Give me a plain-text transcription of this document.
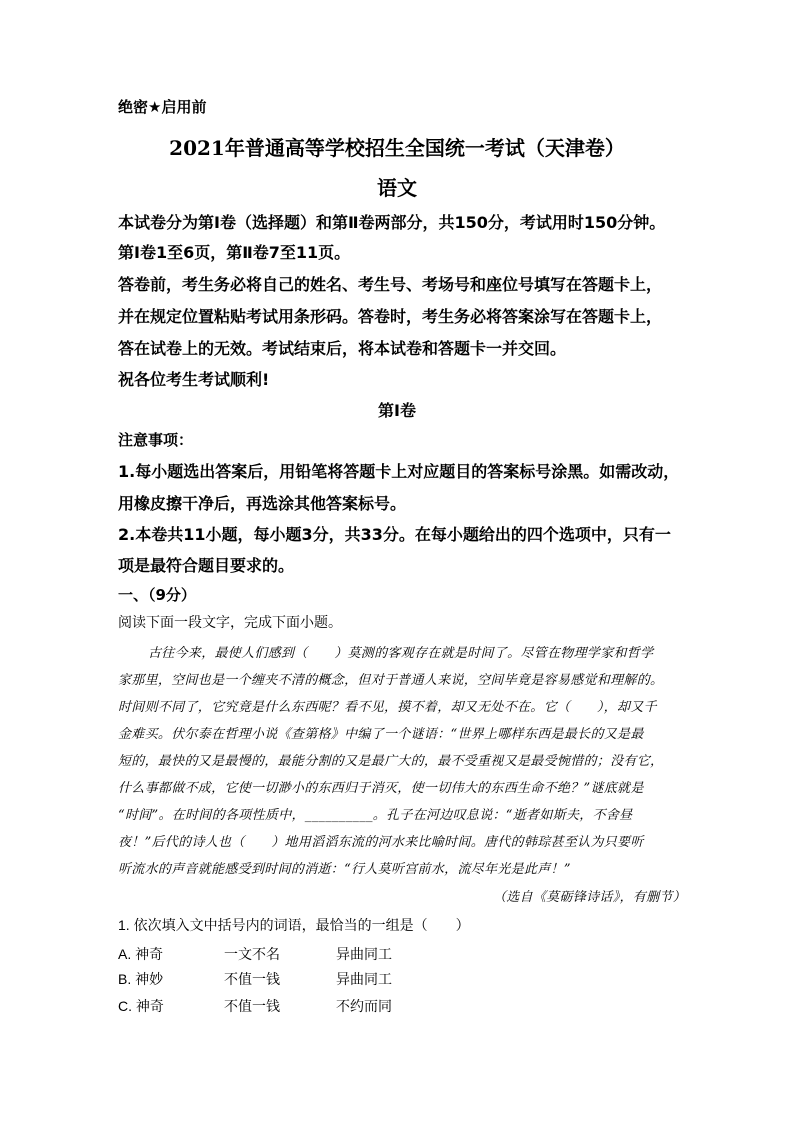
绝密★启用前
2021年普通高等学校招生全国统一考试（天津卷）
语文
本试卷分为第Ⅰ卷（选择题）和第Ⅱ卷两部分，共150分，考试用时150分钟。
第Ⅰ卷1至6页，第Ⅱ卷7至11页。
答卷前，考生务必将自己的姓名、考生号、考场号和座位号填写在答题卡上，
并在规定位置粘贴考试用条形码。答卷时，考生务必将答案涂写在答题卡上，
答在试卷上的无效。考试结束后，将本试卷和答题卡一并交回。
祝各位考生考试顺利!
第Ⅰ卷
注意事项：
1.每小题选出答案后，用铅笔将答题卡上对应题目的答案标号涂黑。如需改动，
用橡皮擦干净后，再选涂其他答案标号。
2.本卷共11小题，每小题3分，共33分。在每小题给出的四个选项中，只有一
项是最符合题目要求的。
一、（9分）
阅读下面一段文字，完成下面小题。
古往今来，最使人们感到（　　）莫测的客观存在就是时间了。尽管在物理学家和哲学
家那里，空间也是一个缠夹不清的概念，但对于普通人来说，空间毕竟是容易感觉和理解的。
时间则不同了，它究竟是什么东西呢？看不见，摸不着，却又无处不在。它（　　），却又千
金难买。伏尔泰在哲理小说《查第格》中编了一个谜语：“世界上哪样东西是最长的又是最
短的，最快的又是最慢的，最能分割的又是最广大的，最不受重视又是最受惋惜的；没有它，
什么事都做不成，它使一切渺小的东西归于消灭，使一切伟大的东西生命不绝？”谜底就是
“时间”。在时间的各项性质中，__________。孔子在河边叹息说：“逝者如斯夫，不舍昼
夜！”后代的诗人也（　　）地用滔滔东流的河水来比喻时间。唐代的韩琮甚至认为只要听
听流水的声音就能感受到时间的消逝：“行人莫听宫前水，流尽年光是此声！”
（选自《莫砺锋诗话》，有删节）
1. 依次填入文中括号内的词语，最恰当的一组是（　　）
A. 神奇	一文不名	异曲同工
B. 神妙	不值一钱	异曲同工
C. 神奇	不值一钱	不约而同
